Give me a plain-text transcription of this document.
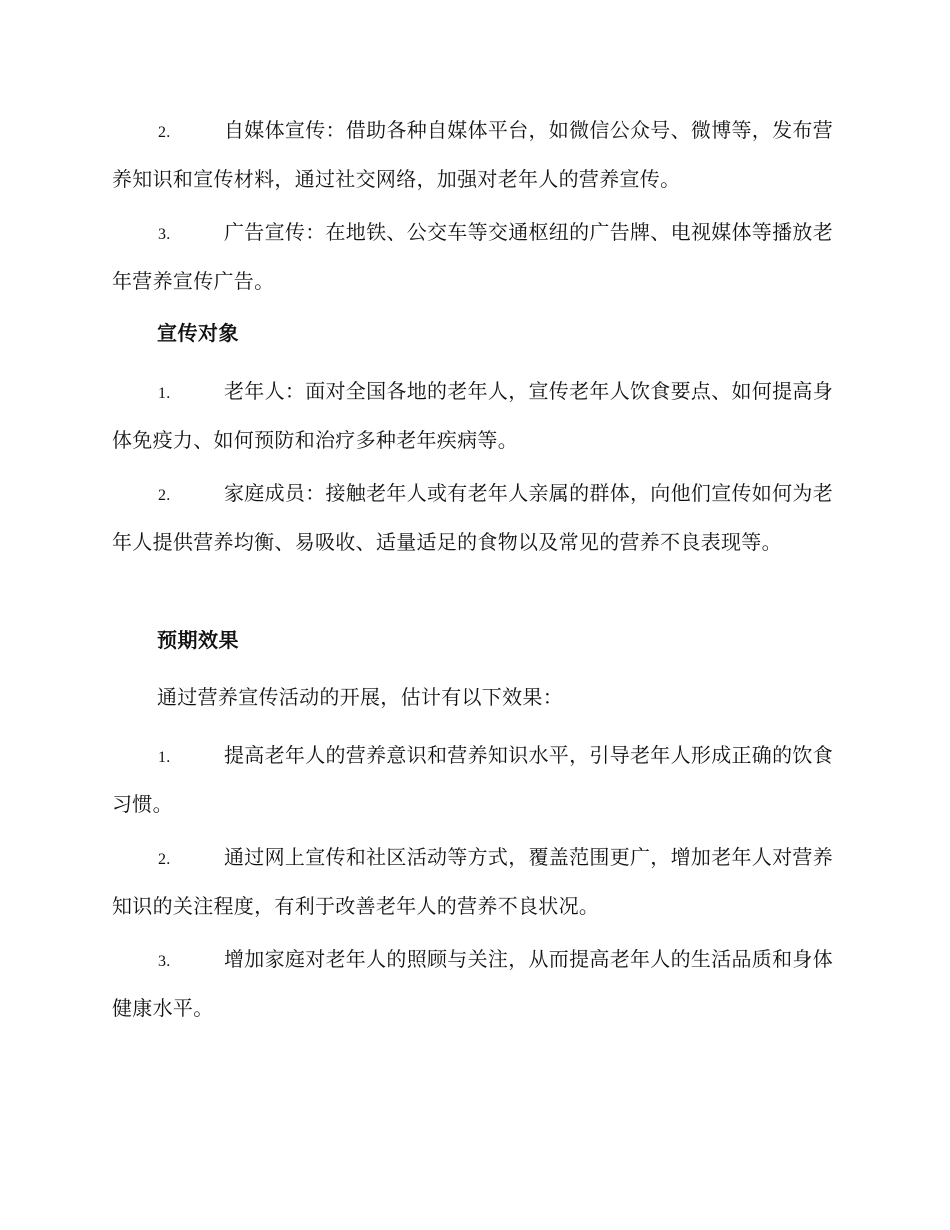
2.	自媒体宣传：借助各种自媒体平台，如微信公众号、微博等，发布营养知识和宣传材料，通过社交网络，加强对老年人的营养宣传。
3.	广告宣传：在地铁、公交车等交通枢纽的广告牌、电视媒体等播放老年营养宣传广告。
宣传对象
1.	老年人：面对全国各地的老年人，宣传老年人饮食要点、如何提高身体免疫力、如何预防和治疗多种老年疾病等。
2.	家庭成员：接触老年人或有老年人亲属的群体，向他们宣传如何为老年人提供营养均衡、易吸收、适量适足的食物以及常见的营养不良表现等。
预期效果
通过营养宣传活动的开展，估计有以下效果：
1.	提高老年人的营养意识和营养知识水平，引导老年人形成正确的饮食习惯。
2.	通过网上宣传和社区活动等方式，覆盖范围更广，增加老年人对营养知识的关注程度，有利于改善老年人的营养不良状况。
3.	增加家庭对老年人的照顾与关注，从而提高老年人的生活品质和身体健康水平。
